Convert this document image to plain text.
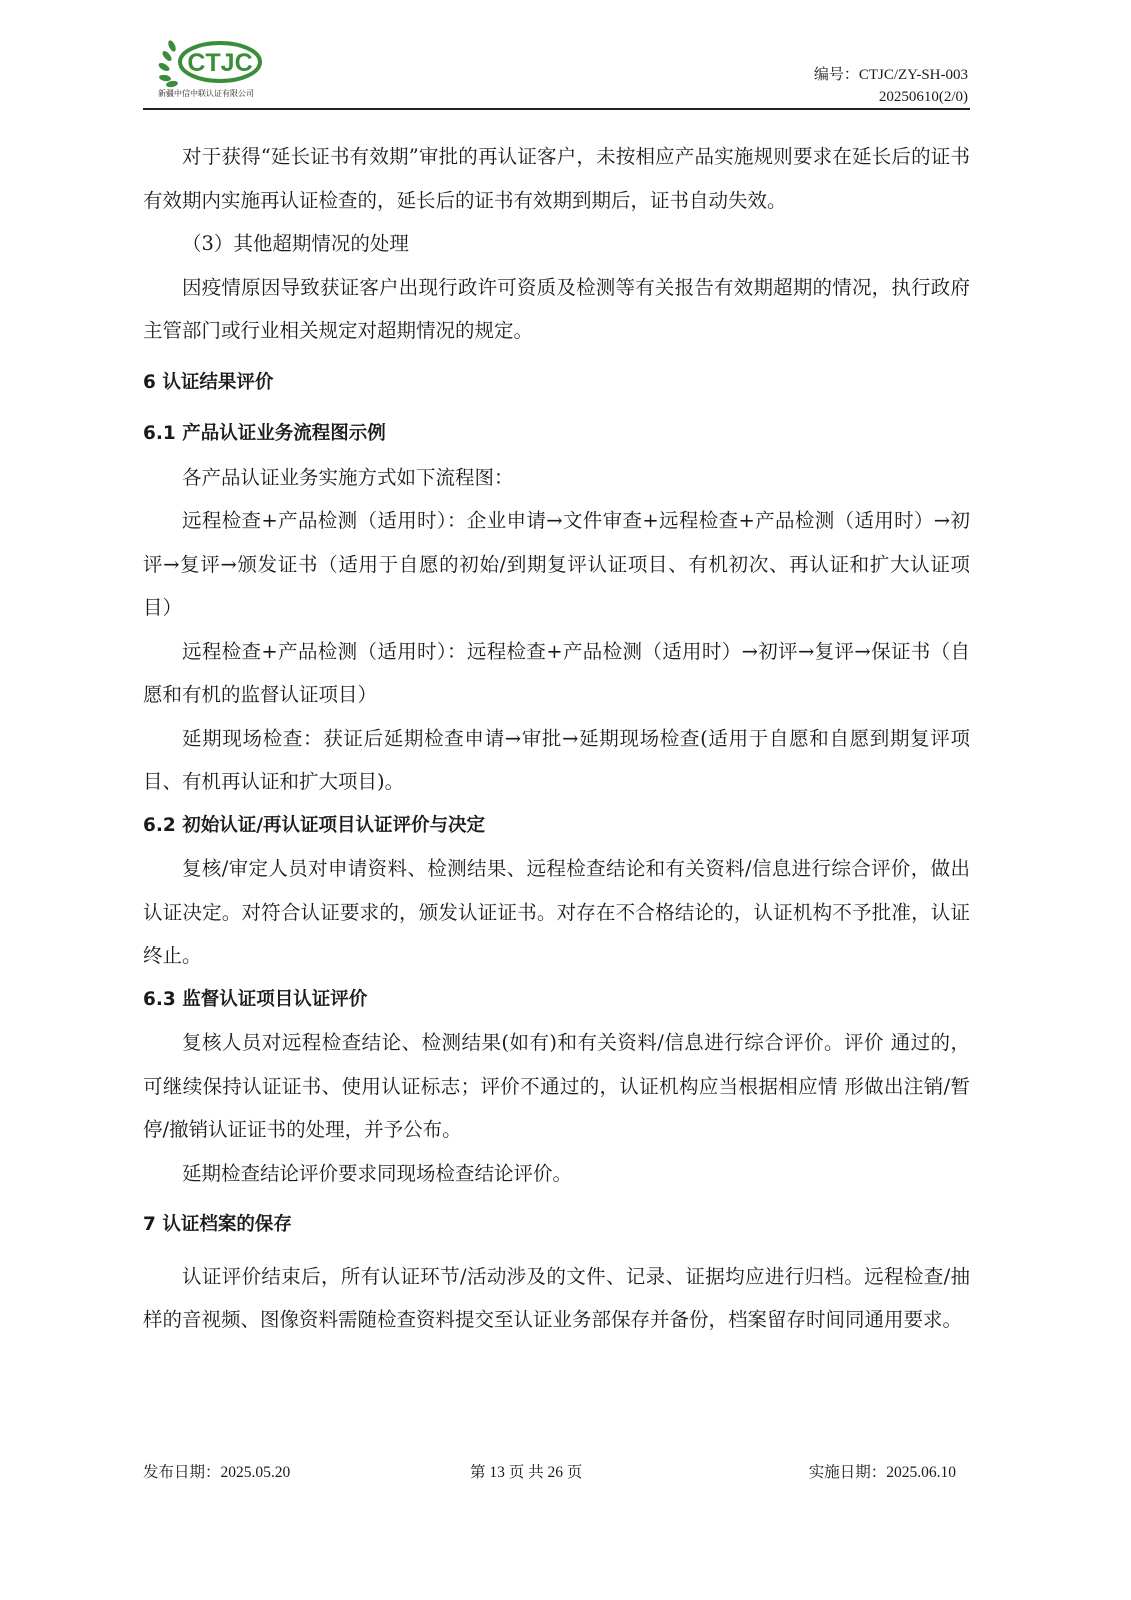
CTJC
新疆中信中联认证有限公司
编号：CTJC/ZY-SH-003
20250610(2/0)

对于获得“延长证书有效期”审批的再认证客户，未按相应产品实施规则要求在延长后的证书有效期内实施再认证检查的，延长后的证书有效期到期后，证书自动失效。

（3）其他超期情况的处理

因疫情原因导致获证客户出现行政许可资质及检测等有关报告有效期超期的情况，执行政府主管部门或行业相关规定对超期情况的规定。

6 认证结果评价

6.1 产品认证业务流程图示例

各产品认证业务实施方式如下流程图：

远程检查+产品检测（适用时）：企业申请→文件审查+远程检查+产品检测（适用时）→初评→复评→颁发证书（适用于自愿的初始/到期复评认证项目、有机初次、再认证和扩大认证项目）

远程检查+产品检测（适用时）：远程检查+产品检测（适用时）→初评→复评→保证书（自愿和有机的监督认证项目）

延期现场检查：获证后延期检查申请→审批→延期现场检查(适用于自愿和自愿到期复评项目、有机再认证和扩大项目)。

6.2 初始认证/再认证项目认证评价与决定

复核/审定人员对申请资料、检测结果、远程检查结论和有关资料/信息进行综合评价，做出认证决定。对符合认证要求的，颁发认证证书。对存在不合格结论的，认证机构不予批准，认证终止。

6.3 监督认证项目认证评价

复核人员对远程检查结论、检测结果(如有)和有关资料/信息进行综合评价。评价 通过的，可继续保持认证证书、使用认证标志；评价不通过的，认证机构应当根据相应情 形做出注销/暂停/撤销认证证书的处理，并予公布。

延期检查结论评价要求同现场检查结论评价。

7 认证档案的保存

认证评价结束后，所有认证环节/活动涉及的文件、记录、证据均应进行归档。远程检查/抽样的音视频、图像资料需随检查资料提交至认证业务部保存并备份，档案留存时间同通用要求。

发布日期：2025.05.20	第 13 页 共 26 页	实施日期：2025.06.10
